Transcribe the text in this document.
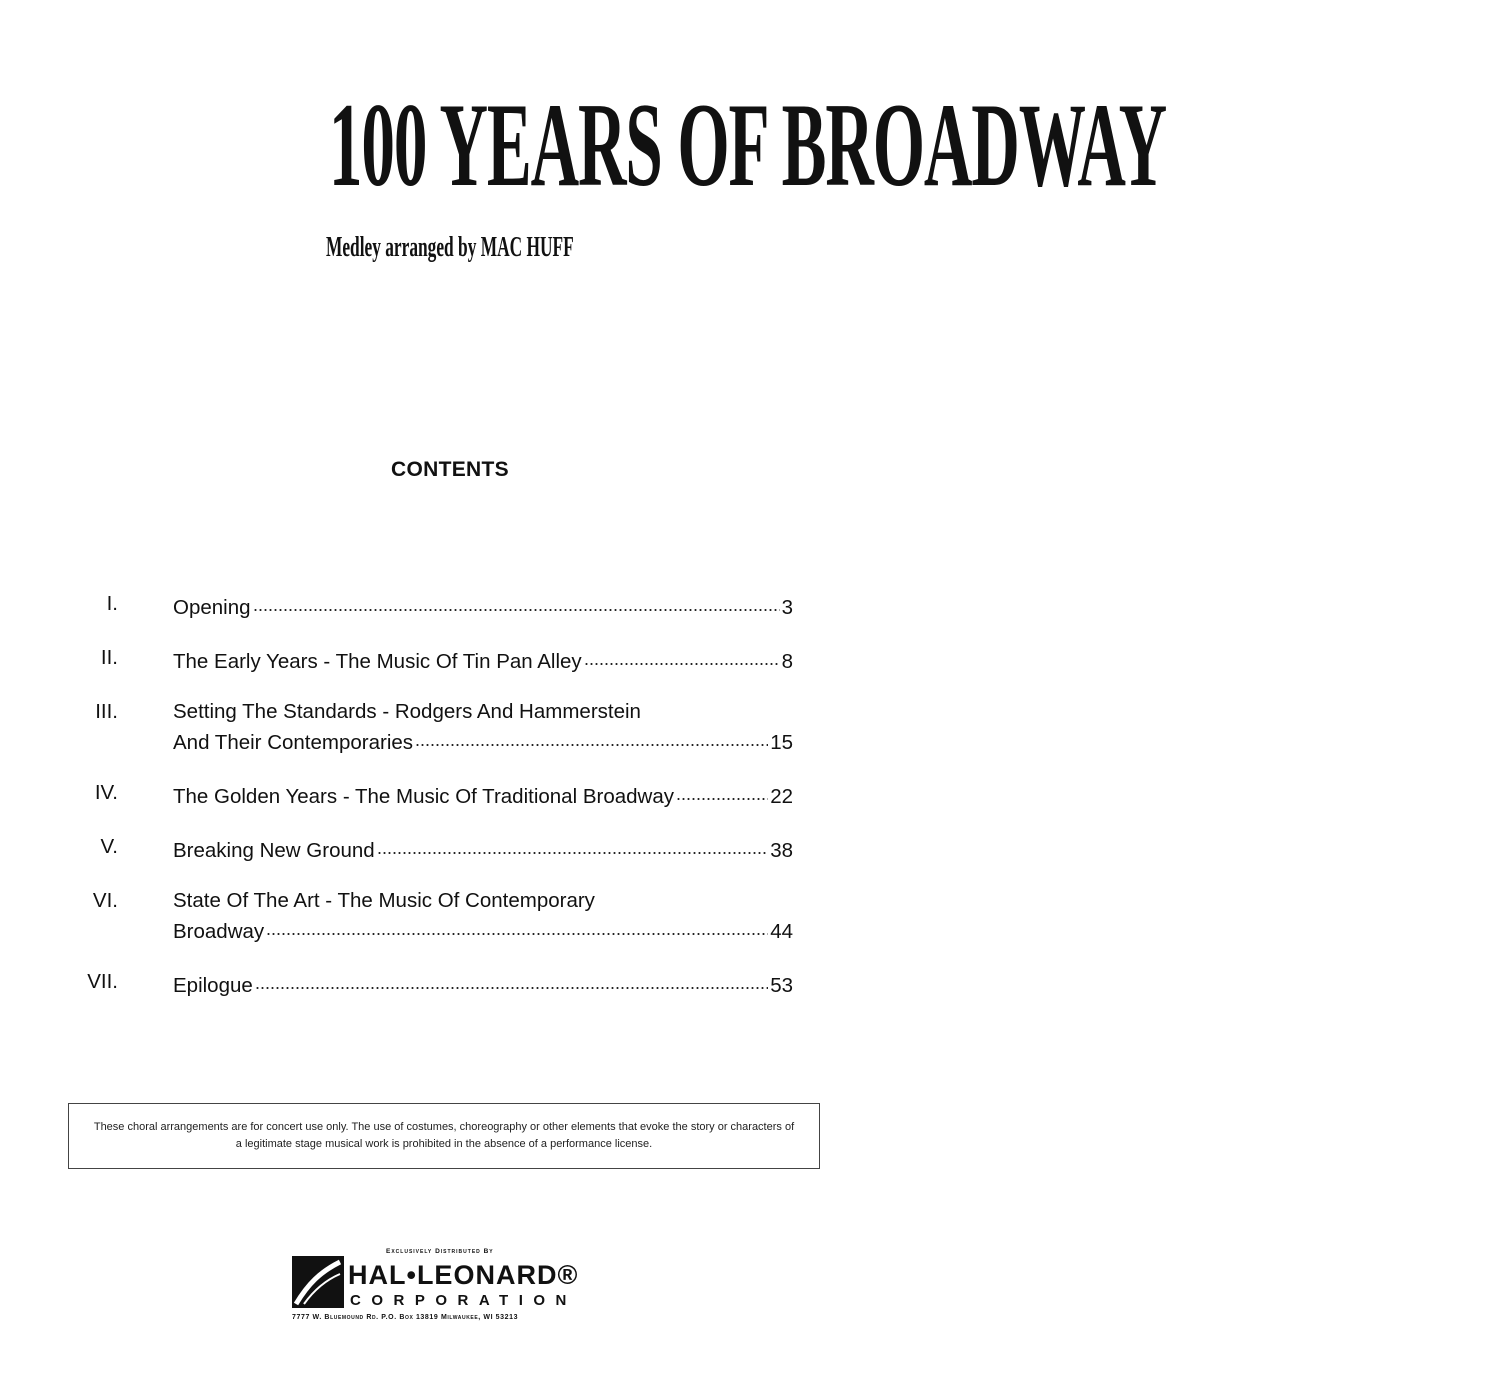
100 YEARS OF BROADWAY
Medley arranged by MAC HUFF
CONTENTS
I.	Opening	3
II.	The Early Years - The Music Of Tin Pan Alley	8
III.	Setting The Standards - Rodgers And Hammerstein
And Their Contemporaries	15
IV.	The Golden Years - The Music Of Traditional Broadway	22
V.	Breaking New Ground	38
VI.	State Of The Art - The Music Of Contemporary
Broadway	44
VII.	Epilogue	53
These choral arrangements are for concert use only. The use of costumes, choreography or other elements that evoke the story or characters of a legitimate stage musical work is prohibited in the absence of a performance license.
Exclusively Distributed By
HAL•LEONARD®
CORPORATION
7777 W. Bluemound Rd. P.O. Box 13819 Milwaukee, WI 53213
